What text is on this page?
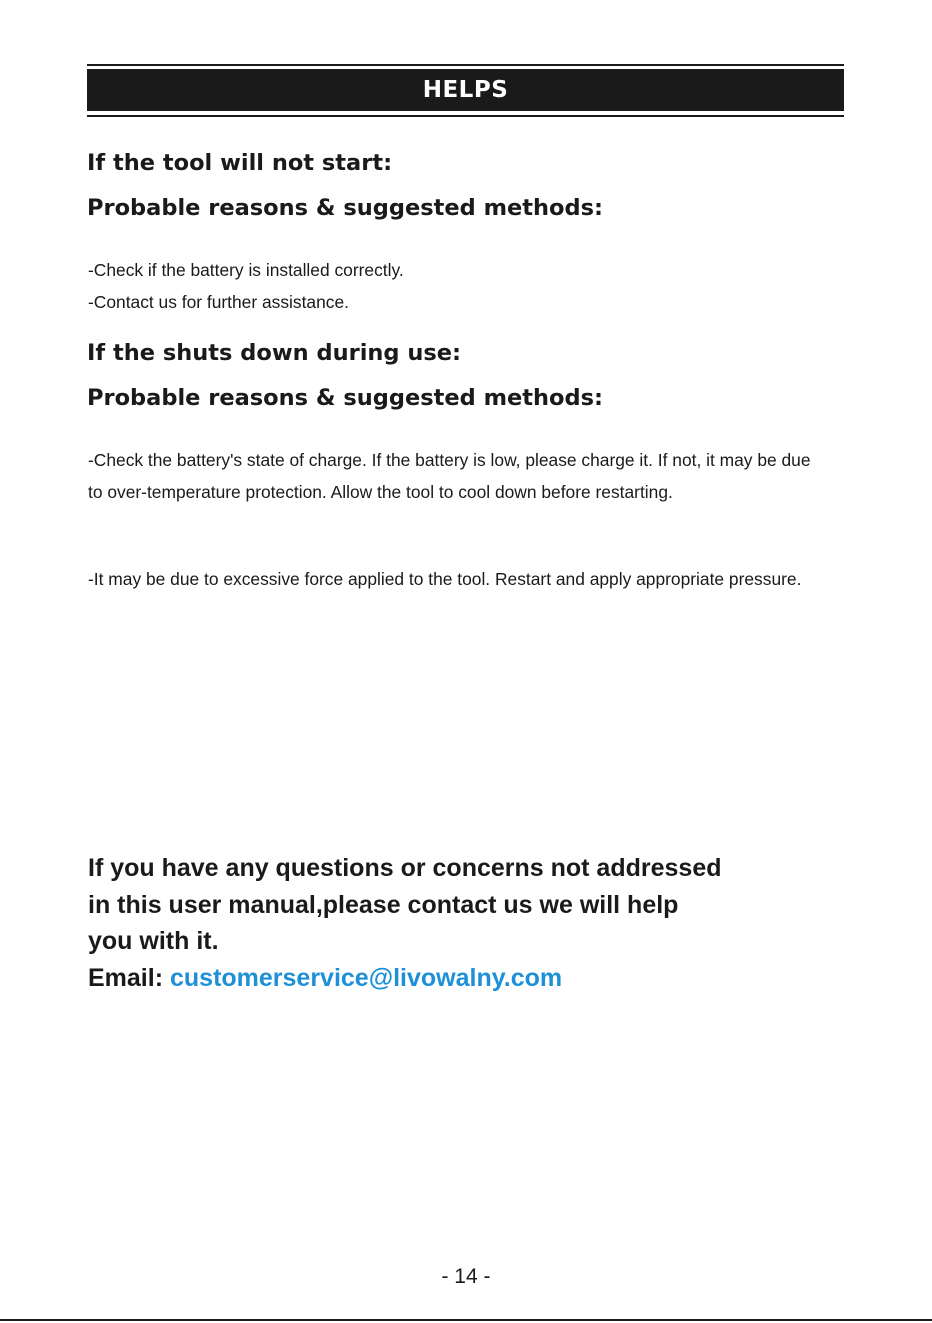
HELPS
If the tool will not start:
Probable reasons & suggested methods:
-Check if the battery is installed correctly.
-Contact us for further assistance.
If the shuts down during use:
Probable reasons & suggested methods:

-Check the battery's state of charge. If the battery is low, please charge it. If not, it may be due to over-temperature protection. Allow the tool to cool down before restarting.

-It may be due to excessive force applied to the tool. Restart and apply appropriate pressure.

If you have any questions or concerns not addressed
in this user manual,please contact us we will help
you with it.
Email: customerservice@livowalny.com
- 14 -
